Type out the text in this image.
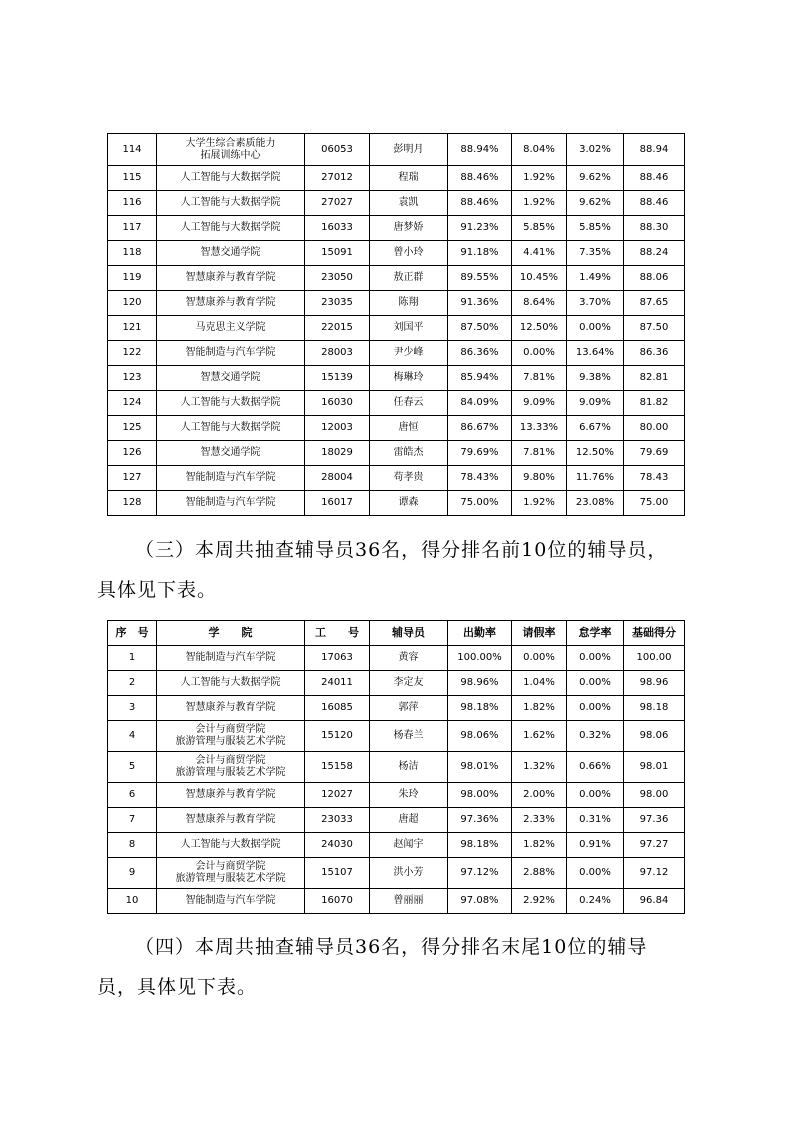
114	大学生综合素质能力
拓展训练中心	06053	彭明月	88.94%	8.04%	3.02%	88.94
115	人工智能与大数据学院	27012	程瑞	88.46%	1.92%	9.62%	88.46
116	人工智能与大数据学院	27027	袁凯	88.46%	1.92%	9.62%	88.46
117	人工智能与大数据学院	16033	唐梦娇	91.23%	5.85%	5.85%	88.30
118	智慧交通学院	15091	曾小玲	91.18%	4.41%	7.35%	88.24
119	智慧康养与教育学院	23050	敖正群	89.55%	10.45%	1.49%	88.06
120	智慧康养与教育学院	23035	陈翔	91.36%	8.64%	3.70%	87.65
121	马克思主义学院	22015	刘国平	87.50%	12.50%	0.00%	87.50
122	智能制造与汽车学院	28003	尹少峰	86.36%	0.00%	13.64%	86.36
123	智慧交通学院	15139	梅琳玲	85.94%	7.81%	9.38%	82.81
124	人工智能与大数据学院	16030	任春云	84.09%	9.09%	9.09%	81.82
125	人工智能与大数据学院	12003	唐恒	86.67%	13.33%	6.67%	80.00
126	智慧交通学院	18029	雷皓杰	79.69%	7.81%	12.50%	79.69
127	智能制造与汽车学院	28004	苟孝贵	78.43%	9.80%	11.76%	78.43
128	智能制造与汽车学院	16017	谭森	75.00%	1.92%	23.08%	75.00
（三）本周共抽查辅导员36名，得分排名前10位的辅导员，
具体见下表。
序　号	学　　院	工　　号	辅导员	出勤率	请假率	怠学率	基础得分
1	智能制造与汽车学院	17063	黄容	100.00%	0.00%	0.00%	100.00
2	人工智能与大数据学院	24011	李定友	98.96%	1.04%	0.00%	98.96
3	智慧康养与教育学院	16085	郭萍	98.18%	1.82%	0.00%	98.18
4	会计与商贸学院
旅游管理与服装艺术学院	15120	杨春兰	98.06%	1.62%	0.32%	98.06
5	会计与商贸学院
旅游管理与服装艺术学院	15158	杨洁	98.01%	1.32%	0.66%	98.01
6	智慧康养与教育学院	12027	朱玲	98.00%	2.00%	0.00%	98.00
7	智慧康养与教育学院	23033	唐超	97.36%	2.33%	0.31%	97.36
8	人工智能与大数据学院	24030	赵闻宇	98.18%	1.82%	0.91%	97.27
9	会计与商贸学院
旅游管理与服装艺术学院	15107	洪小芳	97.12%	2.88%	0.00%	97.12
10	智能制造与汽车学院	16070	曾丽丽	97.08%	2.92%	0.24%	96.84
（四）本周共抽查辅导员36名，得分排名末尾10位的辅导
员，具体见下表。
